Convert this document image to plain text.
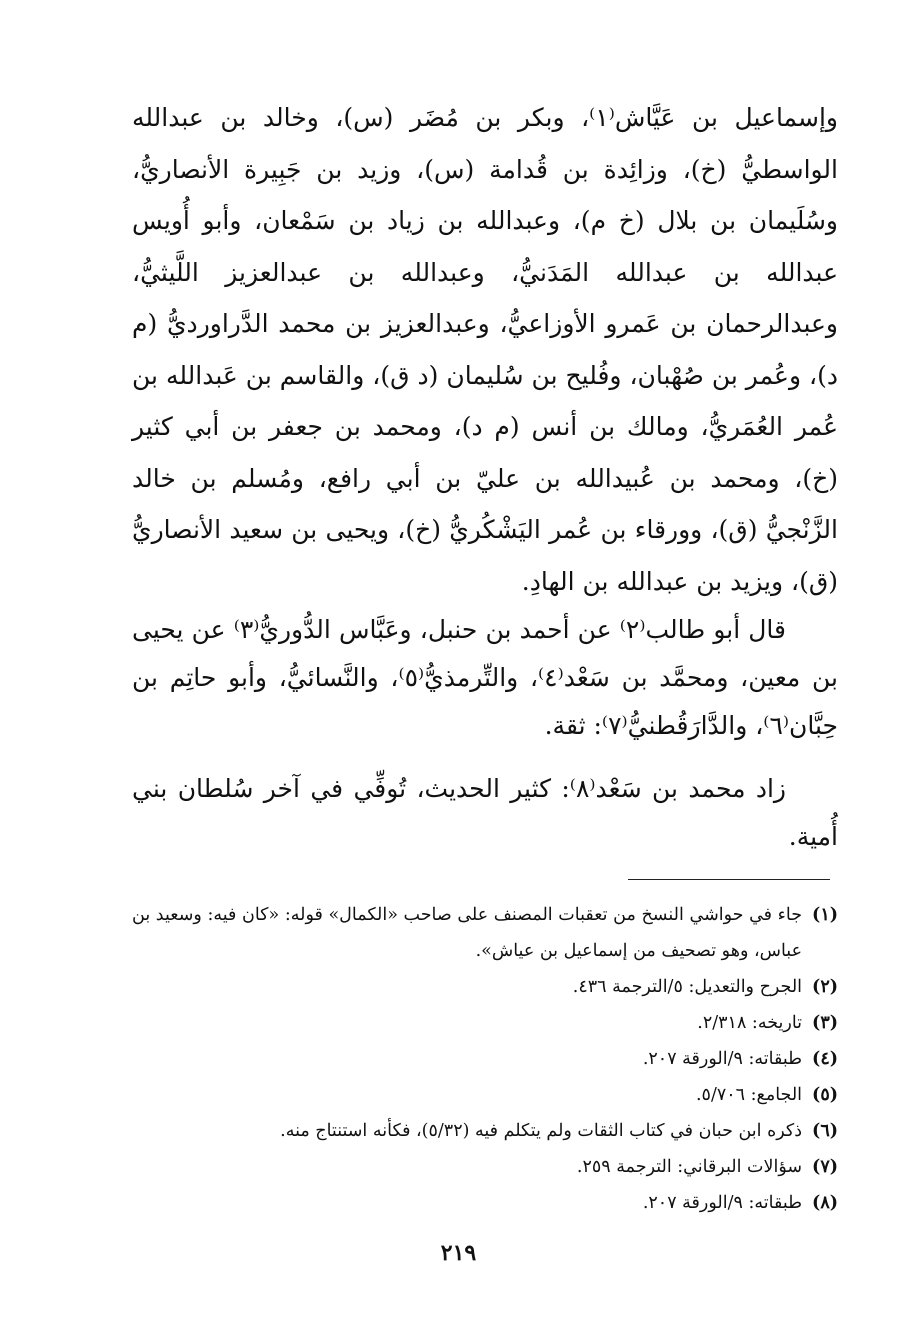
وإسماعيل بن عَيَّاش⁽١⁾، وبكر بن مُضَر (س)، وخالد بن عبدالله الواسطيُّ (خ)، وزائِدة بن قُدامة (س)، وزيد بن جَبِيرة الأنصاريُّ، وسُلَيمان بن بلال (خ م)، وعبدالله بن زياد بن سَمْعان، وأبو أُويس عبدالله بن عبدالله المَدَنيُّ، وعبدالله بن عبدالعزيز اللَّيثيُّ، وعبدالرحمان بن عَمرو الأوزاعيُّ، وعبدالعزيز بن محمد الدَّراورديُّ (م د)، وعُمر بن صُهْبان، وفُليح بن سُليمان (د ق)، والقاسم بن عَبدالله بن عُمر العُمَريُّ، ومالك بن أنس (م د)، ومحمد بن جعفر بن أبي كثير (خ)، ومحمد بن عُبيدالله بن عليّ بن أبي رافع، ومُسلم بن خالد الزَّنْجيُّ (ق)، وورقاء بن عُمر اليَشْكُريُّ (خ)، ويحيى بن سعيد الأنصاريُّ (ق)، ويزيد بن عبدالله بن الهادِ.

قال أبو طالب⁽٢⁾ عن أحمد بن حنبل، وعَبَّاس الدُّوريُّ⁽٣⁾ عن يحيى بن معين، ومحمَّد بن سَعْد⁽٤⁾، والتِّرمذيُّ⁽٥⁾، والنَّسائيُّ، وأبو حاتِم بن حِبَّان⁽٦⁾، والدَّارَقُطنيُّ⁽٧⁾: ثقة.

زاد محمد بن سَعْد⁽٨⁾: كثير الحديث، تُوفِّي في آخر سُلطان بني أُمية.

(١)
جاء في حواشي النسخ من تعقبات المصنف على صاحب «الكمال» قوله: «كان فيه: وسعيد بن عباس، وهو تصحيف من إسماعيل بن عياش».
(٢)
الجرح والتعديل: ٥/الترجمة ٤٣٦.
(٣)
تاريخه: ٢/٣١٨.
(٤)
طبقاته: ٩/الورقة ٢٠٧.
(٥)
الجامع: ٥/٧٠٦.
(٦)
ذكره ابن حبان في كتاب الثقات ولم يتكلم فيه (٥/٣٢)، فكأنه استنتاج منه.
(٧)
سؤالات البرقاني: الترجمة ٢٥٩.
(٨)
طبقاته: ٩/الورقة ٢٠٧.
٢١٩
